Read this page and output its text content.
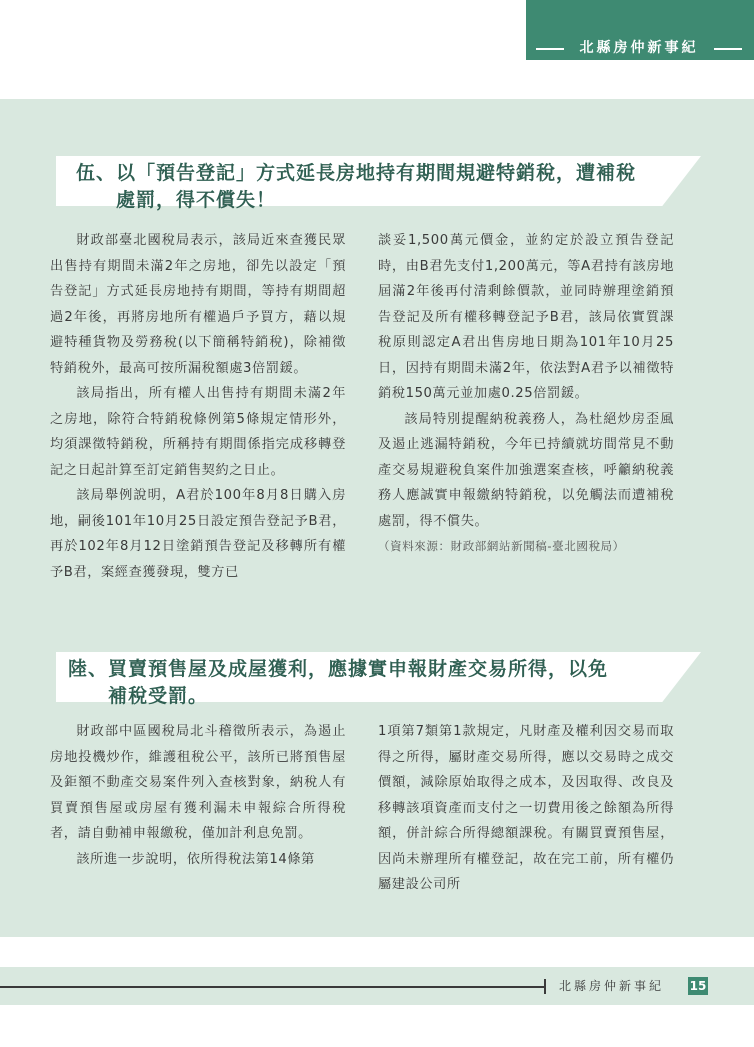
北縣房仲新事紀
伍、以「預告登記」方式延長房地持有期間規避特銷稅，遭補稅
處罰，得不償失！

財政部臺北國稅局表示，該局近來查獲民眾出售持有期間未滿2年之房地，卻先以設定「預告登記」方式延長房地持有期間，等持有期間超過2年後，再將房地所有權過戶予買方，藉以規避特種貨物及勞務稅(以下簡稱特銷稅)，除補徵特銷稅外，最高可按所漏稅額處3倍罰鍰。

該局指出，所有權人出售持有期間未滿2年之房地，除符合特銷稅條例第5條規定情形外，均須課徵特銷稅，所稱持有期間係指完成移轉登記之日起計算至訂定銷售契約之日止。

該局舉例說明，A君於100年8月8日購入房地，嗣後101年10月25日設定預告登記予B君，再於102年8月12日塗銷預告登記及移轉所有權予B君，案經查獲發現，雙方已

談妥1,500萬元價金，並約定於設立預告登記時，由B君先支付1,200萬元，等A君持有該房地屆滿2年後再付清剩餘價款，並同時辦理塗銷預告登記及所有權移轉登記予B君，該局依實質課稅原則認定A君出售房地日期為101年10月25日，因持有期間未滿2年，依法對A君予以補徵特銷稅150萬元並加處0.25倍罰鍰。

該局特別提醒納稅義務人，為杜絕炒房歪風及遏止逃漏特銷稅，今年已持續就坊間常見不動產交易規避稅負案件加強選案查核，呼籲納稅義務人應誠實申報繳納特銷稅，以免觸法而遭補稅處罰，得不償失。

（資料來源：財政部網站新聞稿-臺北國稅局）

陸、買賣預售屋及成屋獲利，應據實申報財產交易所得，以免
補稅受罰。

財政部中區國稅局北斗稽徵所表示，為遏止房地投機炒作，維護租稅公平，該所已將預售屋及鉅額不動產交易案件列入查核對象，納稅人有買賣預售屋或房屋有獲利漏未申報綜合所得稅者，請自動補申報繳稅，僅加計利息免罰。

該所進一步說明，依所得稅法第14條第

1項第7類第1款規定，凡財產及權利因交易而取得之所得，屬財產交易所得，應以交易時之成交價額，減除原始取得之成本，及因取得、改良及移轉該項資產而支付之一切費用後之餘額為所得額，併計綜合所得總額課稅。有關買賣預售屋，因尚未辦理所有權登記，故在完工前，所有權仍屬建設公司所

北縣房仲新事紀 15
